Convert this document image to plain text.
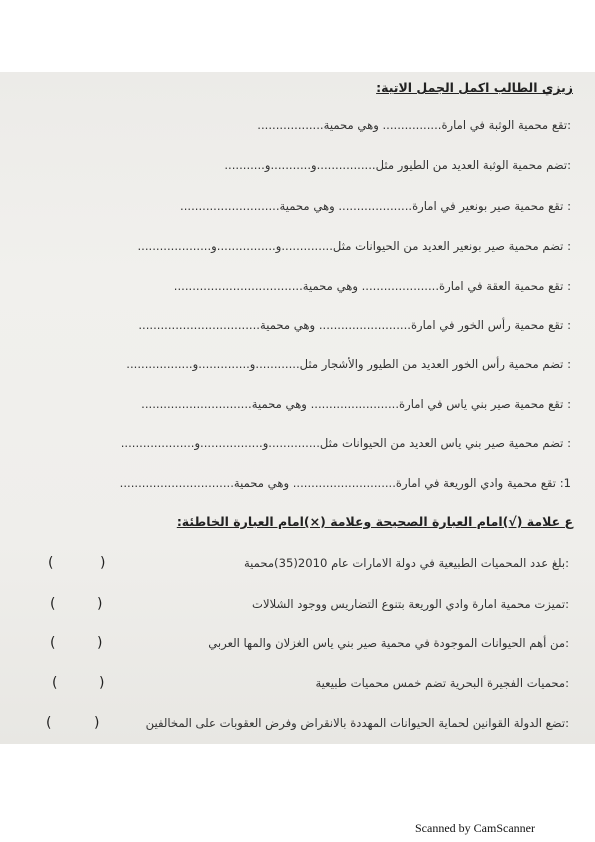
زيزي الطالب اكمل الجمل الاتية:
:تقع محمية الوثبة في امارة................ وهي محمية..................
:تضم محمية الوثبة العديد من الطيور مثل................و...........و...........
: تقع محمية صير بونعير في امارة.................... وهي محمية...........................
: تضم محمية صير بونعير العديد من الحيوانات مثل..............و................و....................
: تقع محمية العقة في امارة..................... وهي محمية...................................
: تقع محمية رأس الخور في امارة......................... وهي محمية.................................
: تضم محمية رأس الخور العديد من الطيور والأشجار مثل............و..............و..................
: تقع محمية صير بني ياس في امارة........................ وهي محمية..............................
: تضم محمية صير بني ياس العديد من الحيوانات مثل..............و.................و....................
1: تقع محمية وادي الوريعة في امارة............................ وهي محمية...............................
ع علامة (√)امام العبارة الصحيحة وعلامة (×)امام العبارة الخاطئة:
:بلغ عدد المحميات الطبيعية في دولة الامارات عام 2010(35)محمية
(	)
:تميزت محمية امارة وادي الوريعة بتنوع التضاريس ووجود الشلالات
(	)
:من أهم الحيوانات الموجودة في محمية صير بني ياس الغزلان والمها العربي
(	)
:محميات الفجيرة البحرية تضم خمس محميات طبيعية
(	)
:تضع الدولة القوانين لحماية الحيوانات المهددة بالانقراض وفرض العقوبات على المخالفين
(	)
Scanned by CamScanner
